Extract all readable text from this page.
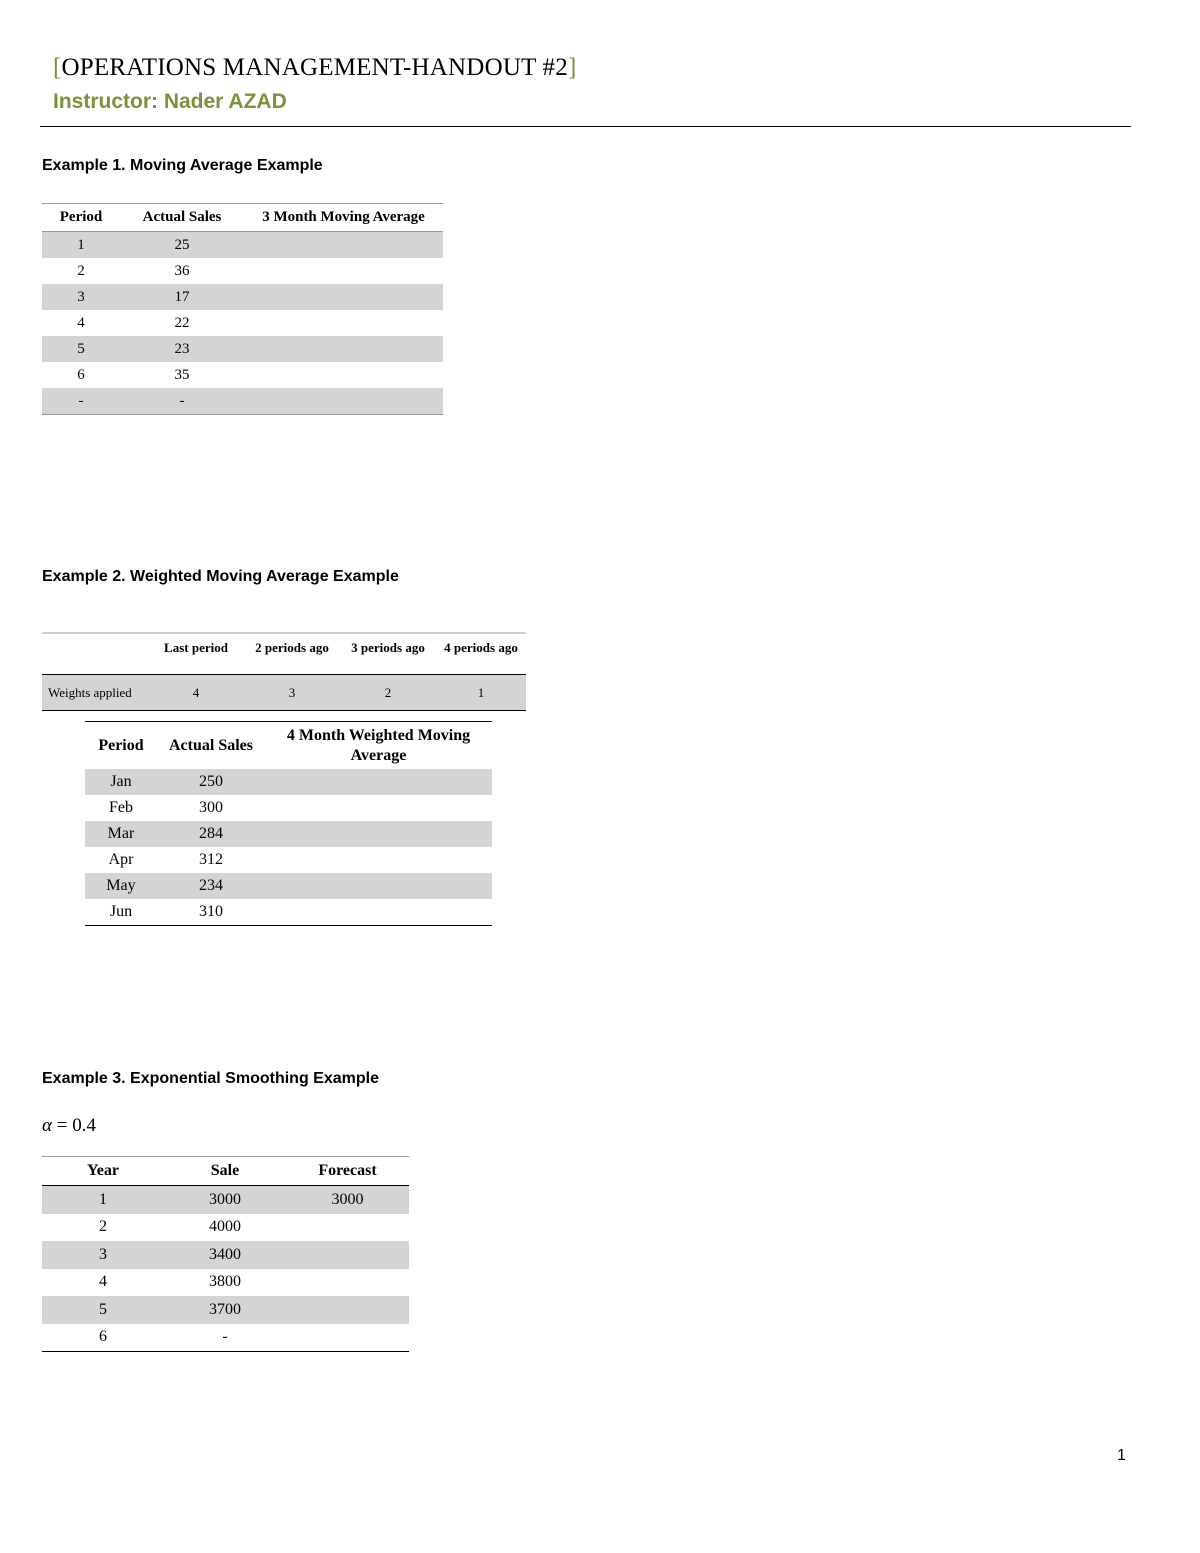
[OPERATIONS MANAGEMENT-HANDOUT #2]
Instructor: Nader AZAD
Example 1. Moving Average Example
Period	Actual Sales	3 Month Moving Average
1	25	
2	36	
3	17	
4	22	
5	23	
6	35	
-	-	
Example 2. Weighted Moving Average Example
	Last period	2 periods ago	3 periods ago	4 periods ago

Weights applied	4	3	2	1
Period	Actual Sales	4 Month Weighted Moving Average
Jan	250	
Feb	300	
Mar	284	
Apr	312	
May	234	
Jun	310	
Example 3. Exponential Smoothing Example
α = 0.4
Year	Sale	Forecast
1	3000	3000
2	4000	
3	3400	
4	3800	
5	3700	
6	-	
1
